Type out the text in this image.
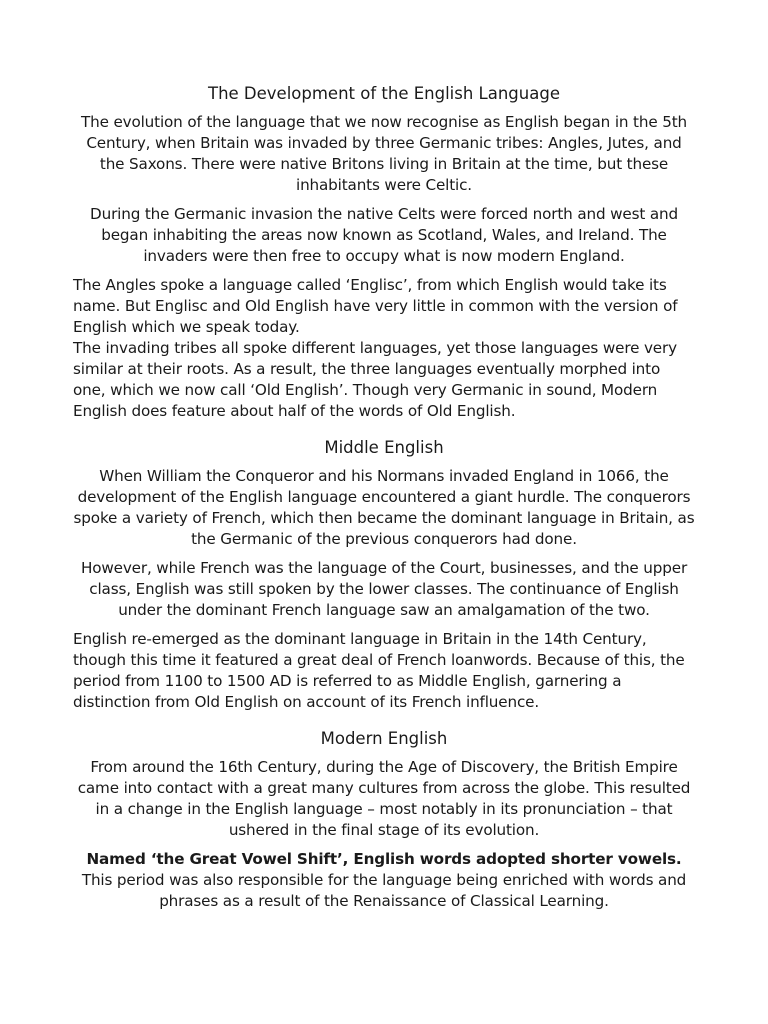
The Development of the English Language

The evolution of the language that we now recognise as English began in the 5th Century, when Britain was invaded by three Germanic tribes: Angles, Jutes, and the Saxons. There were native Britons living in Britain at the time, but these inhabitants were Celtic.

During the Germanic invasion the native Celts were forced north and west and began inhabiting the areas now known as Scotland, Wales, and Ireland. The invaders were then free to occupy what is now modern England.

The Angles spoke a language called ‘Englisc’, from which English would take its name. But Englisc and Old English have very little in common with the version of English which we speak today.

The invading tribes all spoke different languages, yet those languages were very similar at their roots. As a result, the three languages eventually morphed into one, which we now call ‘Old English’. Though very Germanic in sound, Modern English does feature about half of the words of Old English.

Middle English

When William the Conqueror and his Normans invaded England in 1066, the development of the English language encountered a giant hurdle. The conquerors spoke a variety of French, which then became the dominant language in Britain, as the Germanic of the previous conquerors had done.

However, while French was the language of the Court, businesses, and the upper class, English was still spoken by the lower classes. The continuance of English under the dominant French language saw an amalgamation of the two.

English re-emerged as the dominant language in Britain in the 14th Century, though this time it featured a great deal of French loanwords. Because of this, the period from 1100 to 1500 AD is referred to as Middle English, garnering a distinction from Old English on account of its French influence.

Modern English

From around the 16th Century, during the Age of Discovery, the British Empire came into contact with a great many cultures from across the globe. This resulted in a change in the English language – most notably in its pronunciation – that ushered in the final stage of its evolution.

Named ‘the Great Vowel Shift’, English words adopted shorter vowels. This period was also responsible for the language being enriched with words and phrases as a result of the Renaissance of Classical Learning.
